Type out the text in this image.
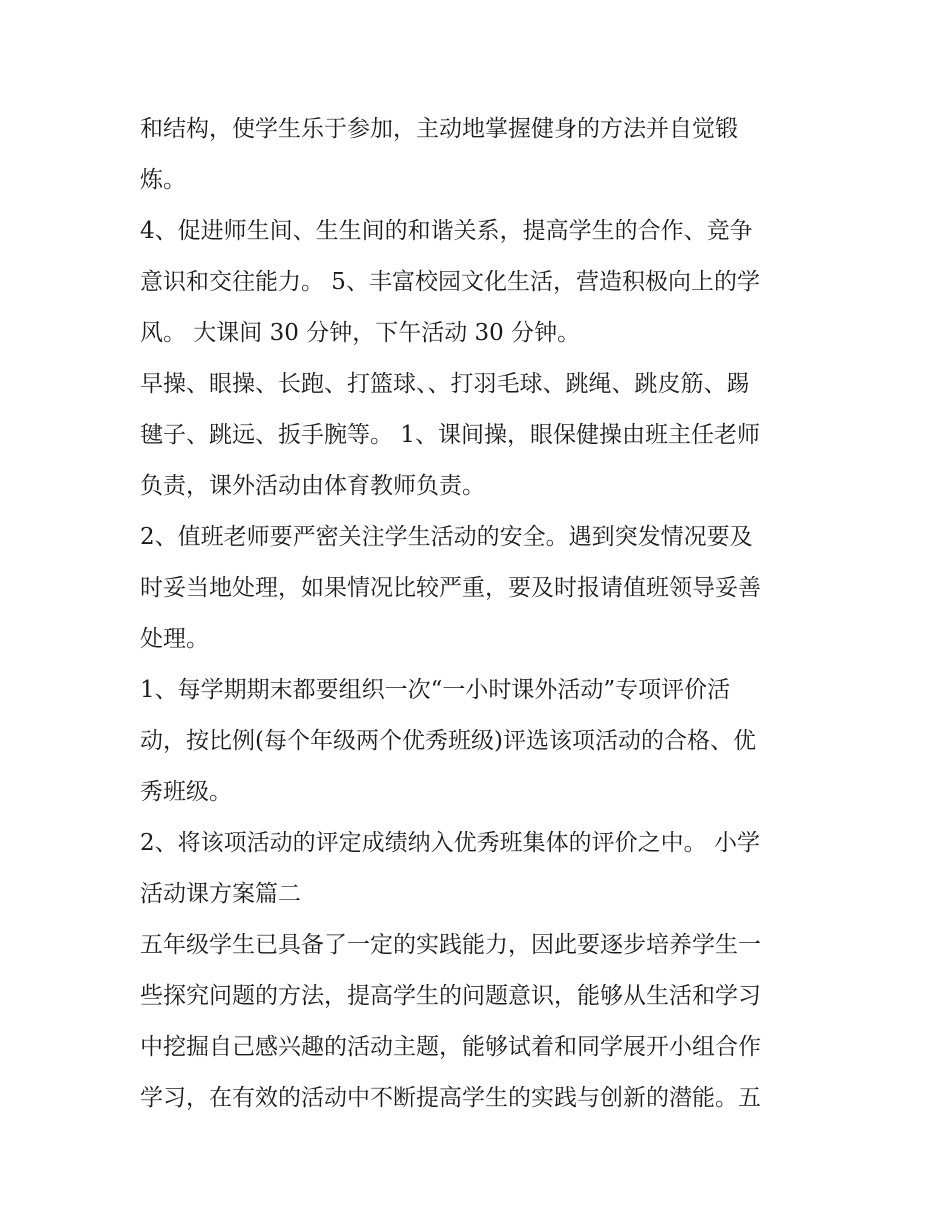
和结构，使学生乐于参加，主动地掌握健身的方法并自觉锻
炼。
4、促进师生间、生生间的和谐关系，提高学生的合作、竞争
意识和交往能力。 5、丰富校园文化生活，营造积极向上的学
风。 大课间 30 分钟，下午活动 30 分钟。
早操、眼操、长跑、打篮球、、打羽毛球、跳绳、跳皮筋、踢
毽子、跳远、扳手腕等。 1、课间操，眼保健操由班主任老师
负责，课外活动由体育教师负责。
2、值班老师要严密关注学生活动的安全。遇到突发情况要及
时妥当地处理，如果情况比较严重，要及时报请值班领导妥善
处理。
1、每学期期末都要组织一次“一小时课外活动”专项评价活
动，按比例(每个年级两个优秀班级)评选该项活动的合格、优
秀班级。
2、将该项活动的评定成绩纳入优秀班集体的评价之中。 小学
活动课方案篇二
五年级学生已具备了一定的实践能力，因此要逐步培养学生一
些探究问题的方法，提高学生的问题意识，能够从生活和学习
中挖掘自己感兴趣的活动主题，能够试着和同学展开小组合作
学习，在有效的活动中不断提高学生的实践与创新的潜能。五
